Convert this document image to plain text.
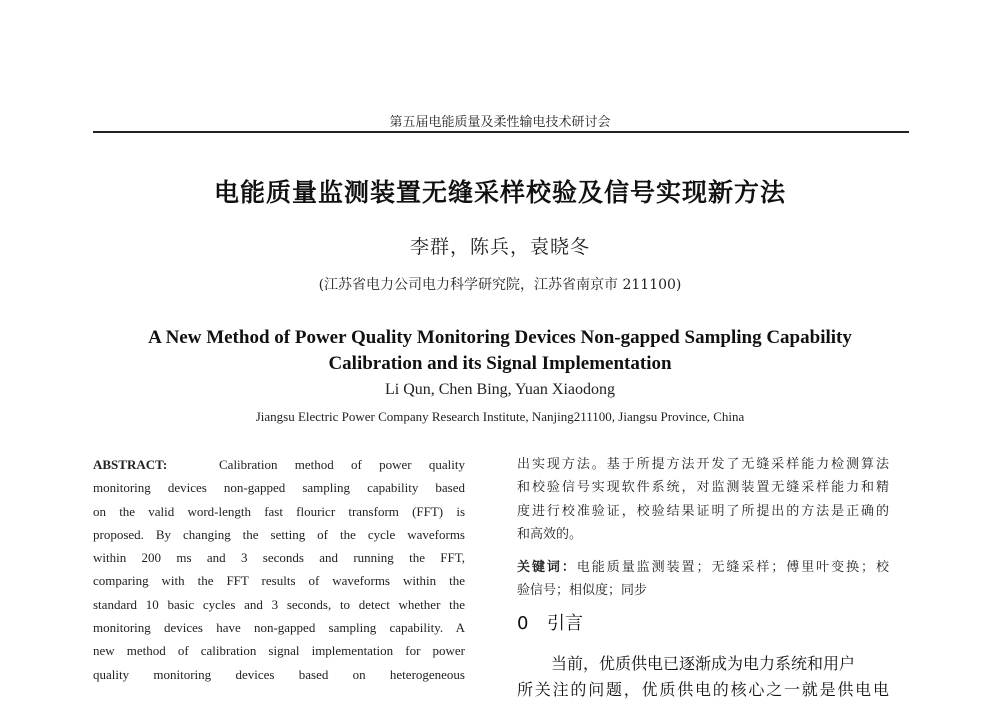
第五届电能质量及柔性输电技术研讨会
电能质量监测装置无缝采样校验及信号实现新方法
李群，陈兵，袁晓冬
(江苏省电力公司电力科学研究院，江苏省南京市 211100)
A New Method of Power Quality Monitoring Devices Non-gapped Sampling Capability
Calibration and its Signal Implementation
Li Qun, Chen Bing, Yuan Xiaodong
Jiangsu Electric Power Company Research Institute, Nanjing211100, Jiangsu Province, China
ABSTRACT:	Calibration method of power quality
monitoring devices non-gapped sampling capability based
on the valid word-length fast flouricr transform (FFT) is
proposed. By changing the setting of the cycle waveforms
within 200 ms and 3 seconds and running the FFT,
comparing with the FFT results of waveforms within the
standard 10 basic cycles and 3 seconds, to detect whether the
monitoring devices have non-gapped sampling capability. A
new method of calibration signal implementation for power
quality monitoring devices based on heterogeneous
出实现方法。基于所提方法开发了无缝采样能力检测算法
和校验信号实现软件系统，对监测装置无缝采样能力和精
度进行校准验证，校验结果证明了所提出的方法是正确的
和高效的。
关键词：电能质量监测装置；无缝采样；傅里叶变换；校
验信号；相似度；同步
0 引言
当前，优质供电已逐渐成为电力系统和用户
所关注的问题，优质供电的核心之一就是供电电
